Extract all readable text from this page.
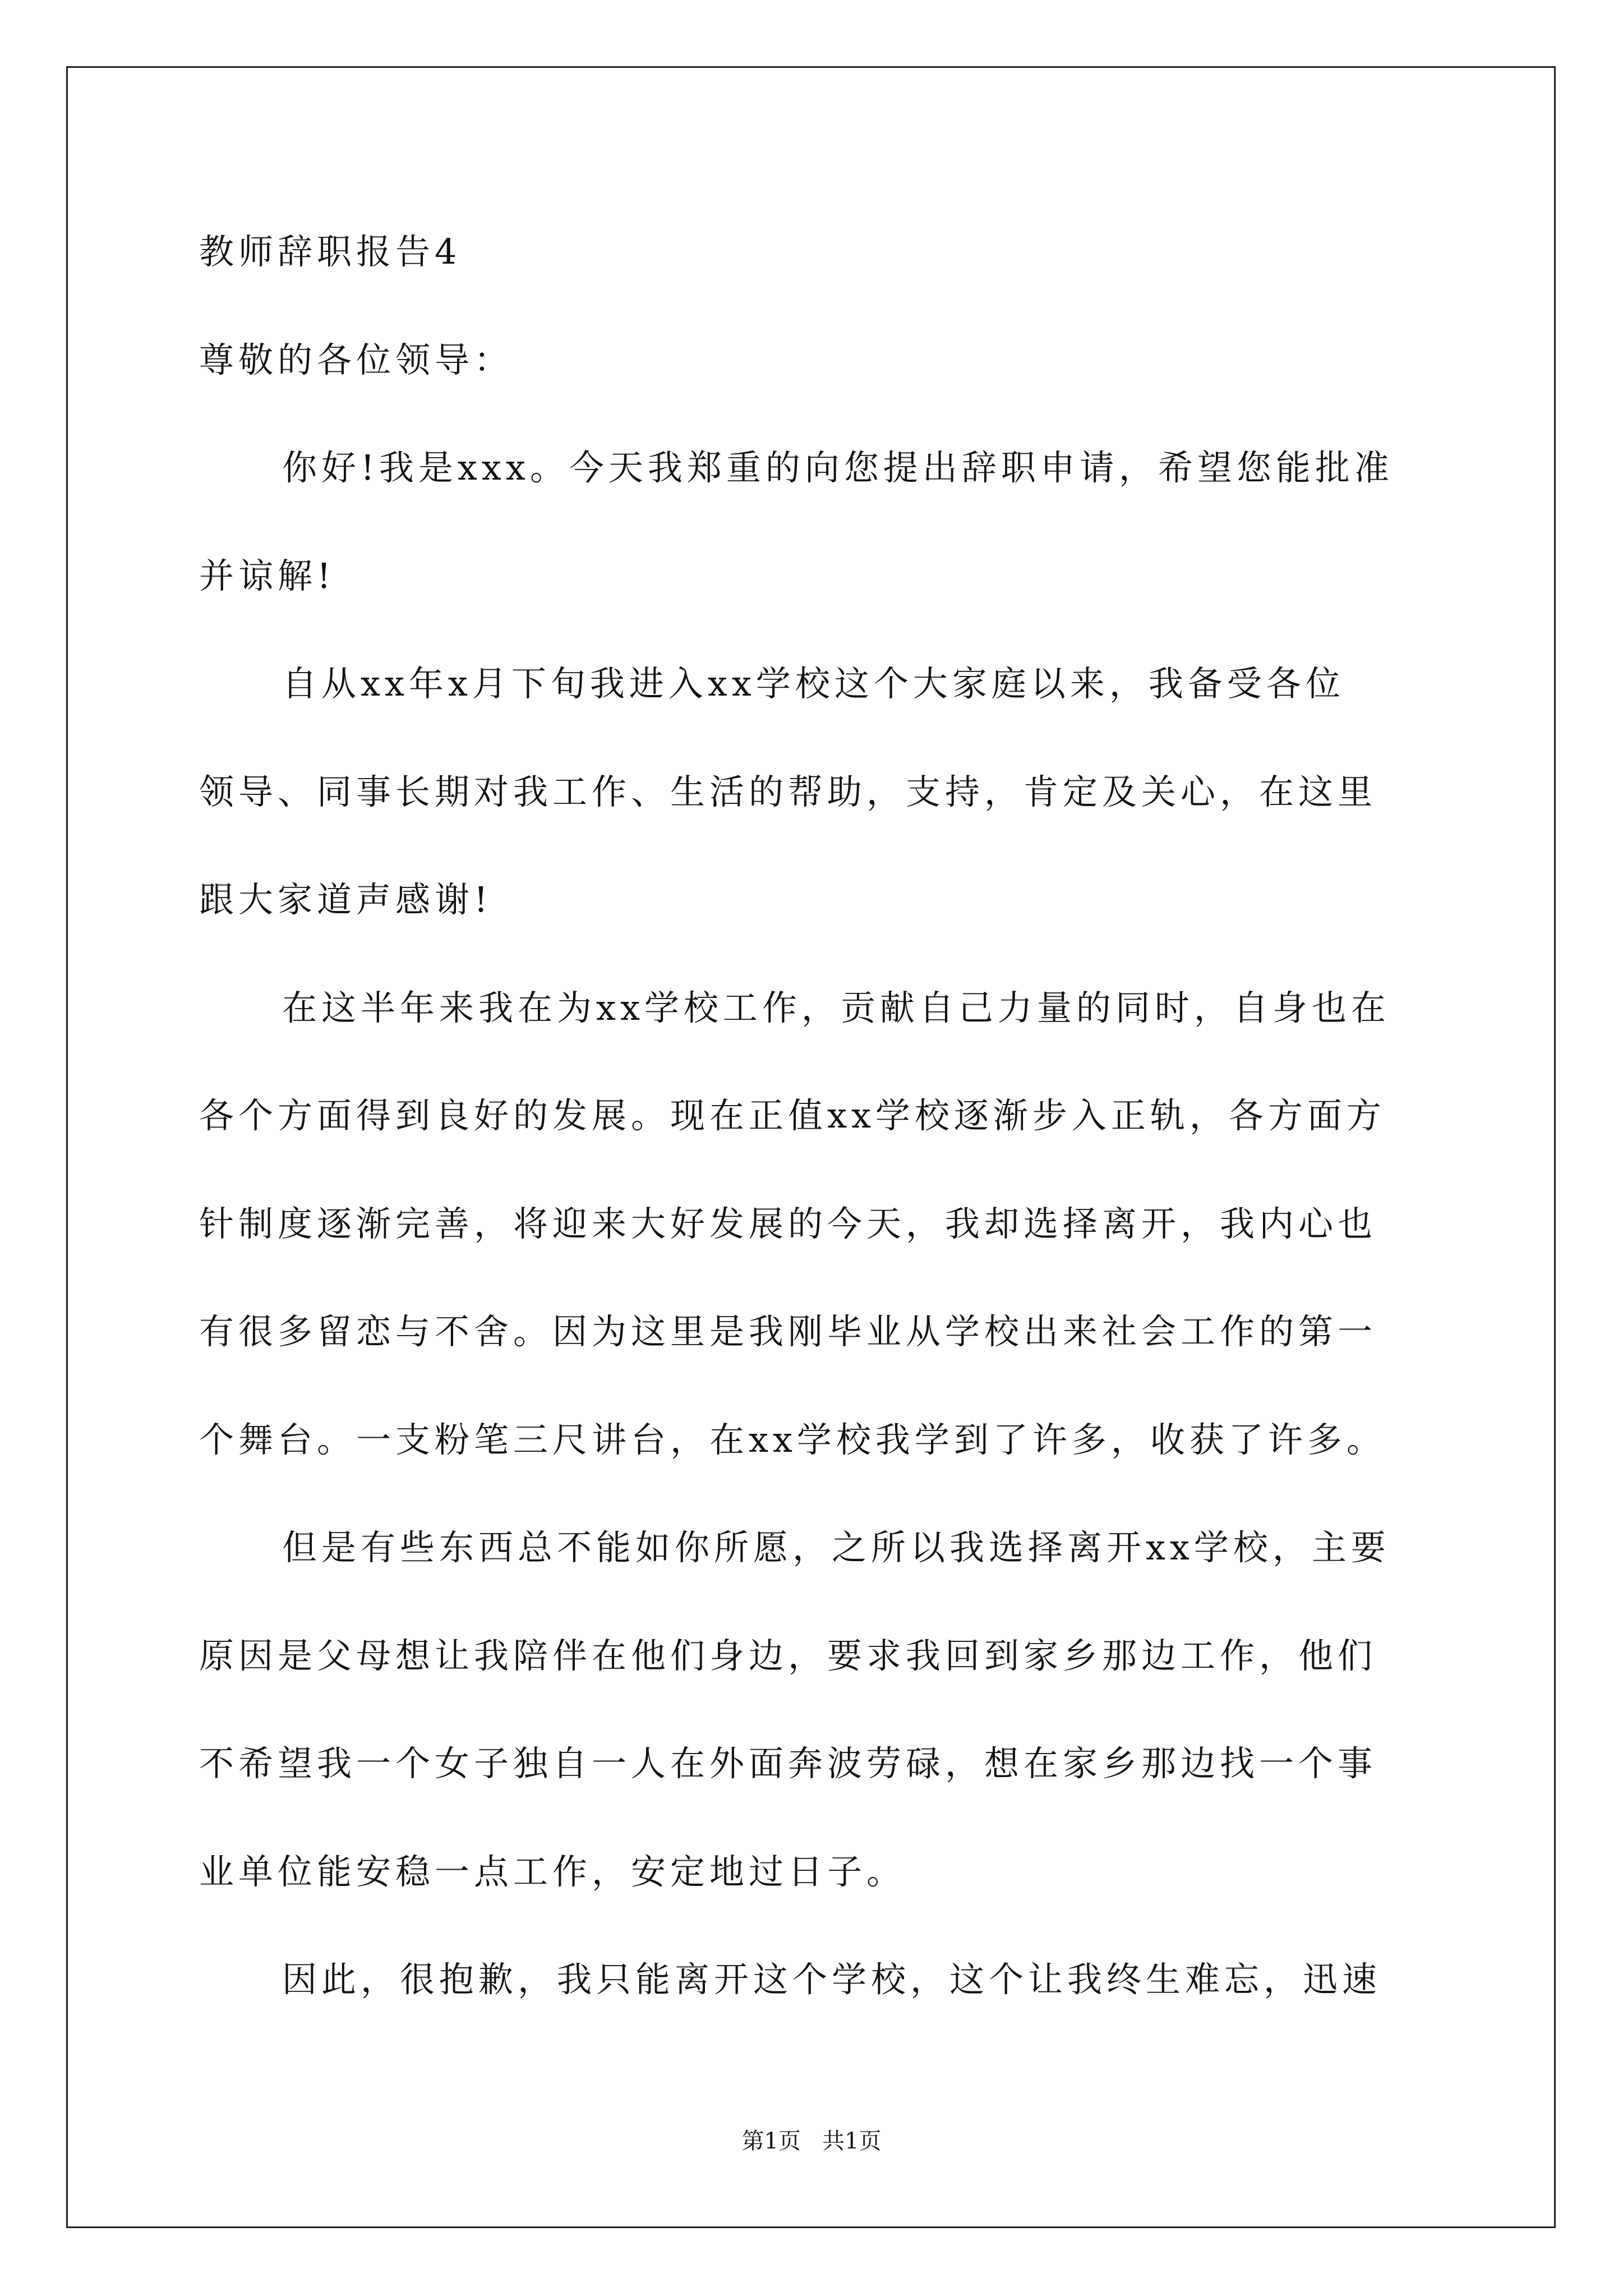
教师辞职报告4
尊敬的各位领导：
你好!我是xxx。今天我郑重的向您提出辞职申请，希望您能批准
并谅解!
自从xx年x月下旬我进入xx学校这个大家庭以来，我备受各位
领导、同事长期对我工作、生活的帮助，支持，肯定及关心，在这里
跟大家道声感谢!
在这半年来我在为xx学校工作，贡献自己力量的同时，自身也在
各个方面得到良好的发展。现在正值xx学校逐渐步入正轨，各方面方
针制度逐渐完善，将迎来大好发展的今天，我却选择离开，我内心也
有很多留恋与不舍。因为这里是我刚毕业从学校出来社会工作的第一
个舞台。一支粉笔三尺讲台，在xx学校我学到了许多，收获了许多。
但是有些东西总不能如你所愿，之所以我选择离开xx学校，主要
原因是父母想让我陪伴在他们身边，要求我回到家乡那边工作，他们
不希望我一个女子独自一人在外面奔波劳碌，想在家乡那边找一个事
业单位能安稳一点工作，安定地过日子。
因此，很抱歉，我只能离开这个学校，这个让我终生难忘，迅速
第1页   共1页
